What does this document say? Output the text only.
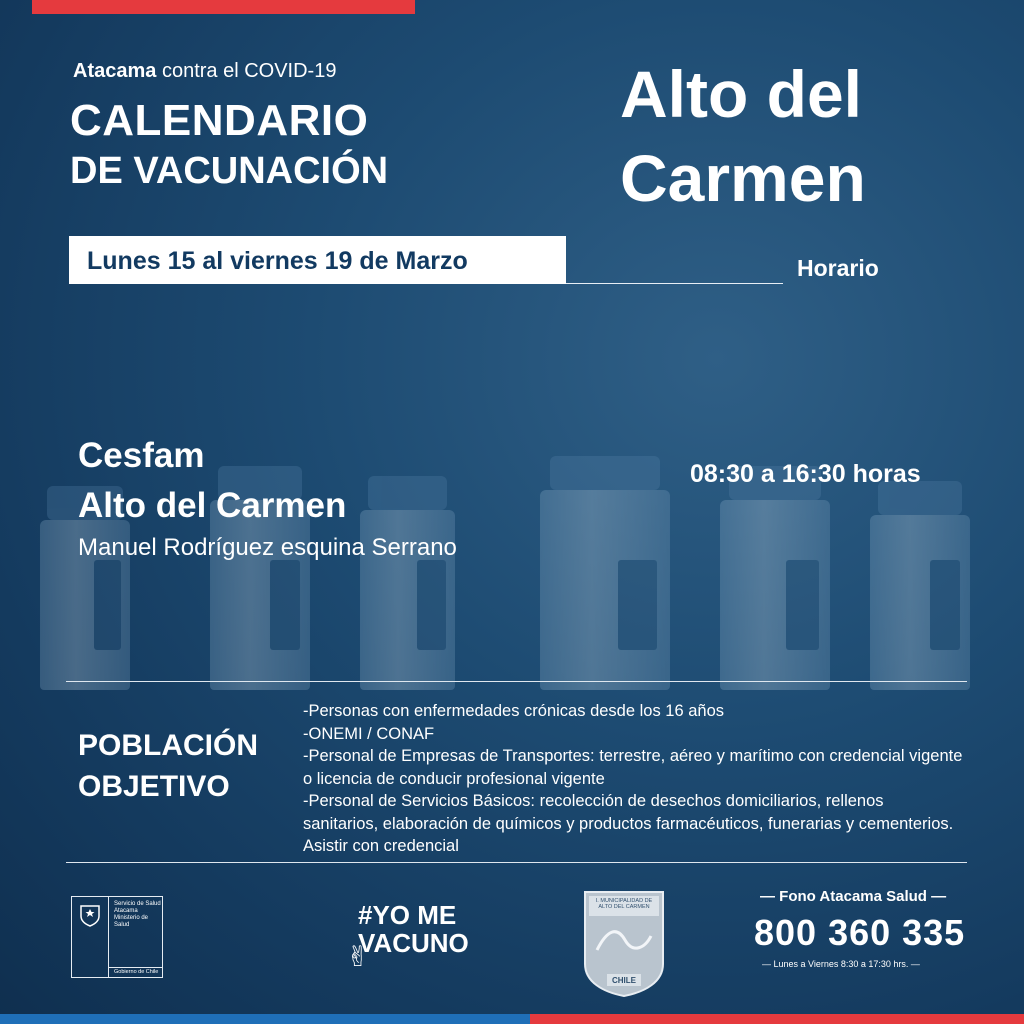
Atacama contra el COVID-19
CALENDARIO
DE VACUNACIÓN
Alto del
Carmen
Lunes 15 al viernes 19 de Marzo	Horario
Cesfam
Alto del Carmen
Manuel Rodríguez esquina Serrano
08:30 a 16:30 horas
POBLACIÓN
OBJETIVO
-Personas con enfermedades crónicas desde los 16 años
-ONEMI / CONAF
-Personal de Empresas de Transportes: terrestre, aéreo y marítimo con credencial vigente o licencia de conducir profesional vigente
-Personal de Servicios Básicos: recolección de desechos domiciliarios, rellenos sanitarios, elaboración de químicos y productos farmacéuticos, funerarias y cementerios. Asistir con credencial
Servicio de Salud Atacama
Ministerio de Salud
Gobierno de Chile
#YO ME
VACUNO
✌
I. MUNICIPALIDAD DE ALTO DEL CARMEN
CHILE
— Fono Atacama Salud —
800 360 335
— Lunes a Viernes 8:30 a 17:30 hrs. —
